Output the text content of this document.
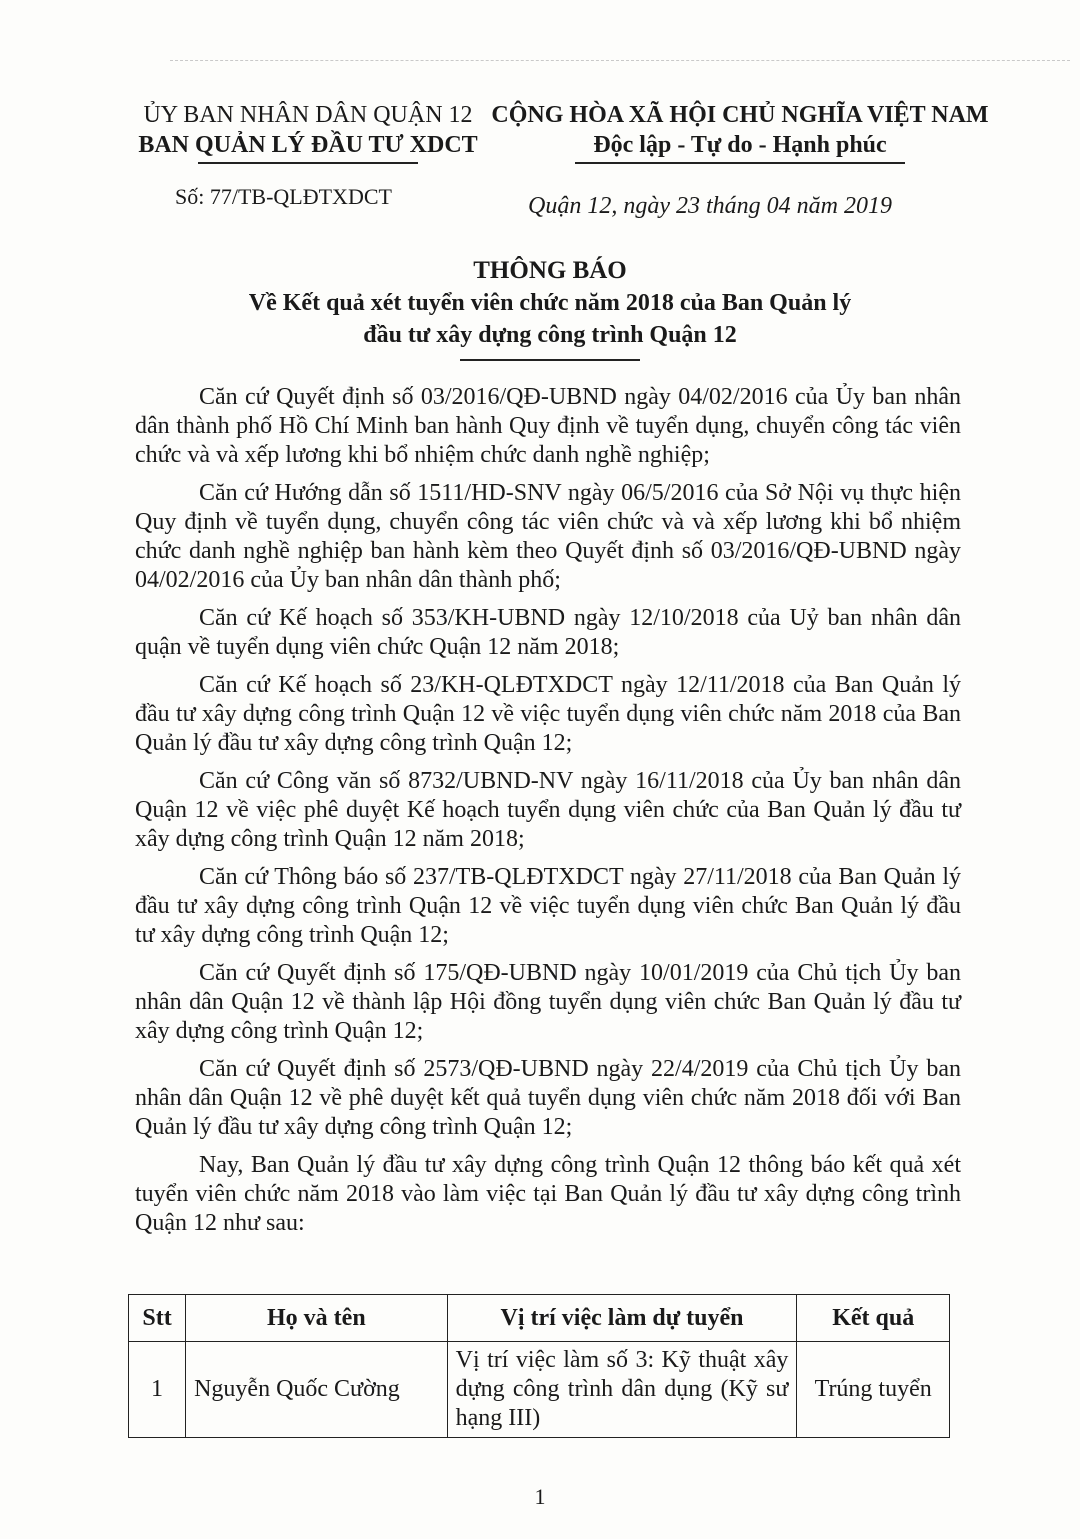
ỦY BAN NHÂN DÂN QUẬN 12
BAN QUẢN LÝ ĐẦU TƯ XDCT
CỘNG HÒA XÃ HỘI CHỦ NGHĨA VIỆT NAM
Độc lập - Tự do - Hạnh phúc
Số: 77/TB-QLĐTXDCT	Quận 12, ngày 23 tháng 04 năm 2019
THÔNG BÁO
Về Kết quả xét tuyển viên chức năm 2018 của Ban Quản lý
đầu tư xây dựng công trình Quận 12

Căn cứ Quyết định số 03/2016/QĐ-UBND ngày 04/02/2016 của Ủy ban nhân dân thành phố Hồ Chí Minh ban hành Quy định về tuyển dụng, chuyển công tác viên chức và và xếp lương khi bổ nhiệm chức danh nghề nghiệp;

Căn cứ Hướng dẫn số 1511/HD-SNV ngày 06/5/2016 của Sở Nội vụ thực hiện Quy định về tuyển dụng, chuyển công tác viên chức và và xếp lương khi bổ nhiệm chức danh nghề nghiệp ban hành kèm theo Quyết định số 03/2016/QĐ-UBND ngày 04/02/2016 của Ủy ban nhân dân thành phố;

Căn cứ Kế hoạch số 353/KH-UBND ngày 12/10/2018 của Uỷ ban nhân dân quận về tuyển dụng viên chức Quận 12 năm 2018;

Căn cứ Kế hoạch số 23/KH-QLĐTXDCT ngày 12/11/2018 của Ban Quản lý đầu tư xây dựng công trình Quận 12 về việc tuyển dụng viên chức năm 2018 của Ban Quản lý đầu tư xây dựng công trình Quận 12;

Căn cứ Công văn số 8732/UBND-NV ngày 16/11/2018 của Ủy ban nhân dân Quận 12 về việc phê duyệt Kế hoạch tuyển dụng viên chức của Ban Quản lý đầu tư xây dựng công trình Quận 12 năm 2018;

Căn cứ Thông báo số 237/TB-QLĐTXDCT ngày 27/11/2018 của Ban Quản lý đầu tư xây dựng công trình Quận 12 về việc tuyển dụng viên chức Ban Quản lý đầu tư xây dựng công trình Quận 12;

Căn cứ Quyết định số 175/QĐ-UBND ngày 10/01/2019 của Chủ tịch Ủy ban nhân dân Quận 12 về thành lập Hội đồng tuyển dụng viên chức Ban Quản lý đầu tư xây dựng công trình Quận 12;

Căn cứ Quyết định số 2573/QĐ-UBND ngày 22/4/2019 của Chủ tịch Ủy ban nhân dân Quận 12 về phê duyệt kết quả tuyển dụng viên chức năm 2018 đối với Ban Quản lý đầu tư xây dựng công trình Quận 12;

Nay, Ban Quản lý đầu tư xây dựng công trình Quận 12 thông báo kết quả xét tuyển viên chức năm 2018 vào làm việc tại Ban Quản lý đầu tư xây dựng công trình Quận 12 như sau:

Stt	Họ và tên	Vị trí việc làm dự tuyển	Kết quả
1	Nguyễn Quốc Cường	Vị trí việc làm số 3: Kỹ thuật xây dựng công trình dân dụng (Kỹ sư hạng III)	Trúng tuyển
1
